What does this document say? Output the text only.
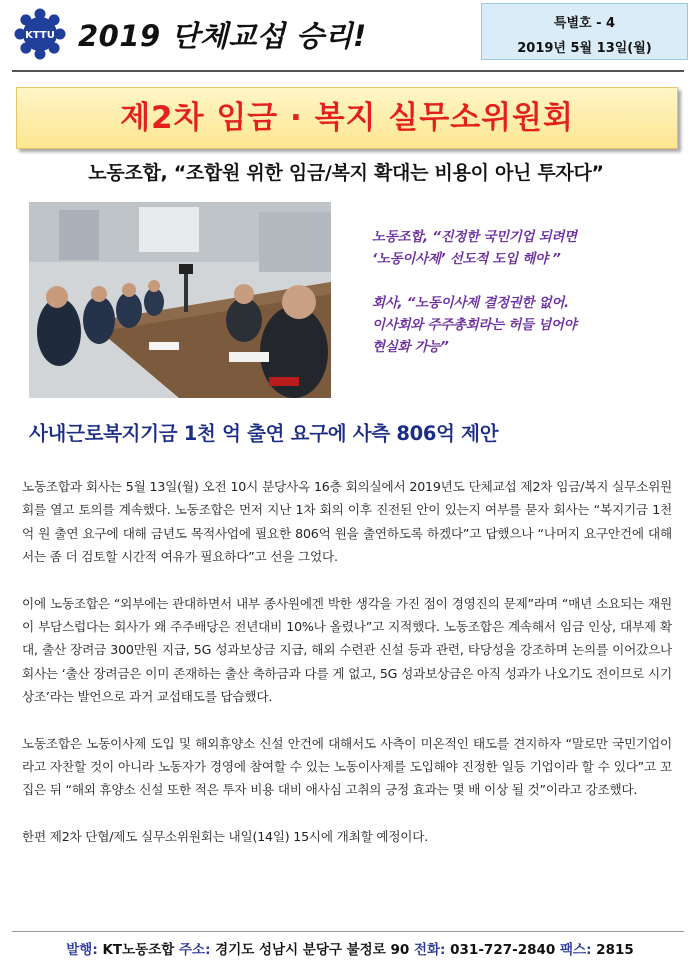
KTTU 2019 단체교섭 승리!	특별호 - 4
2019년 5월 13일(월)
제2차 임금 · 복지 실무소위원회
노동조합, “조합원 위한 임금/복지 확대는 비용이 아닌 투자다”

노동조합, “진정한 국민기업 되려면

‘노동이사제’ 선도적 도입 해야 ”

회사, “노동이사제 결정권한 없어.

이사회와 주주총회라는 허들 넘어야

현실화 가능”

사내근로복지기금 1천 억 출연 요구에 사측 806억 제안

노동조합과 회사는 5월 13일(월) 오전 10시 분당사옥 16층 회의실에서 2019년도 단체교섭 제2차 임금/복지 실무소위원회를 열고 토의를 계속했다. 노동조합은 먼저 지난 1차 회의 이후 진전된 안이 있는지 여부를 묻자 회사는 “복지기금 1천억 원 출연 요구에 대해 금년도 목적사업에 필요한 806억 원을 출연하도록 하겠다”고 답했으나 “나머지 요구안건에 대해서는 좀 더 검토할 시간적 여유가 필요하다”고 선을 그었다.

이에 노동조합은 “외부에는 관대하면서 내부 종사원에겐 박한 생각을 가진 점이 경영진의 문제”라며 “매년 소요되는 재원이 부담스럽다는 회사가 왜 주주배당은 전년대비 10%나 올렸나”고 지적했다. 노동조합은 계속해서 임금 인상, 대부제 확대, 출산 장려금 300만원 지급, 5G 성과보상금 지급, 해외 수련관 신설 등과 관련, 타당성을 강조하며 논의를 이어갔으나 회사는 ‘출산 장려금은 이미 존재하는 출산 축하금과 다를 게 없고, 5G 성과보상금은 아직 성과가 나오기도 전이므로 시기상조’라는 발언으로 과거 교섭태도를 답습했다.

노동조합은 노동이사제 도입 및 해외휴양소 신설 안건에 대해서도 사측이 미온적인 태도를 견지하자 “말로만 국민기업이라고 자찬할 것이 아니라 노동자가 경영에 참여할 수 있는 노동이사제를 도입해야 진정한 일등 기업이라 할 수 있다”고 꼬집은 뒤 “해외 휴양소 신설 또한 적은 투자 비용 대비 애사심 고취의 긍정 효과는 몇 배 이상 될 것”이라고 강조했다.

한편 제2차 단협/제도 실무소위원회는 내일(14일) 15시에 개최할 예정이다.

발행: KT노동조합 주소: 경기도 성남시 분당구 불정로 90 전화: 031-727-2840 팩스: 2815
